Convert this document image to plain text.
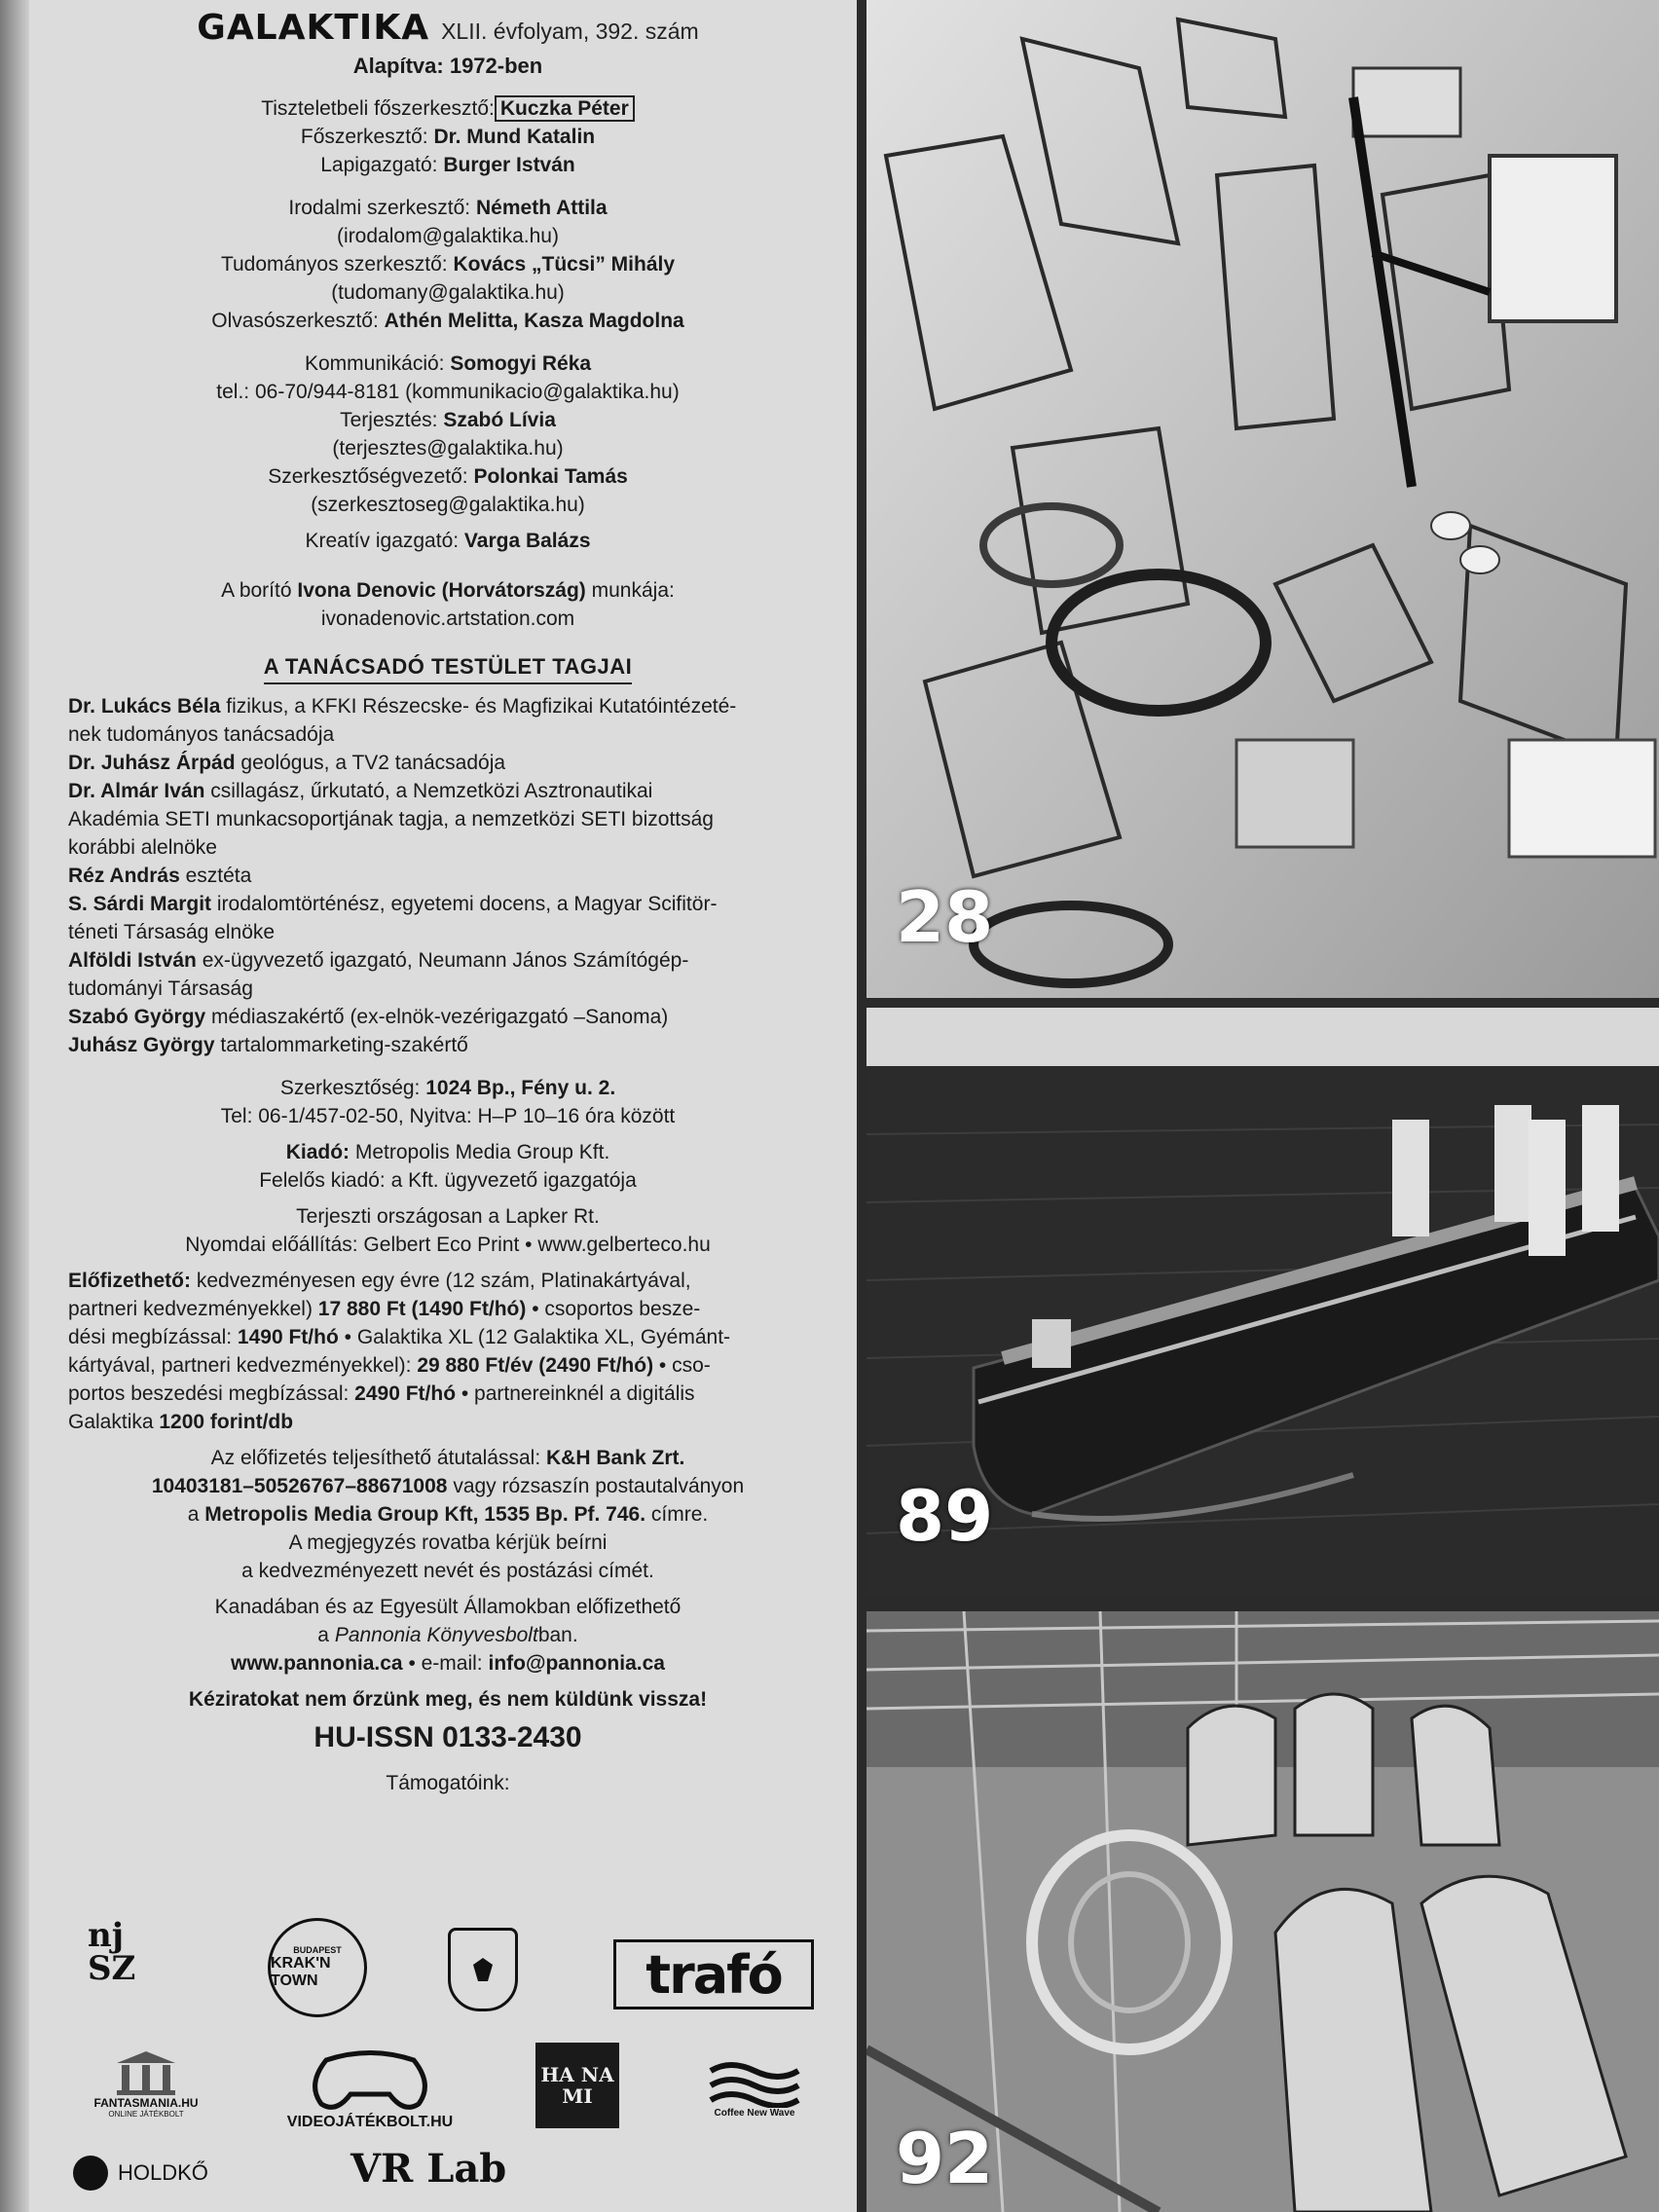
GALAKTIKA XLII. évfolyam, 392. szám
Alapítva: 1972-ben
Tiszteletbeli főszerkesztő: Kuczka Péter
Főszerkesztő: Dr. Mund Katalin
Lapigazgató: Burger István
Irodalmi szerkesztő: Németh Attila
(irodalom@galaktika.hu)
Tudományos szerkesztő: Kovács „Tücsi” Mihály
(tudomany@galaktika.hu)
Olvasószerkesztő: Athén Melitta, Kasza Magdolna
Kommunikáció: Somogyi Réka
tel.: 06-70/944-8181 (kommunikacio@galaktika.hu)
Terjesztés: Szabó Lívia
(terjesztes@galaktika.hu)
Szerkesztőségvezető: Polonkai Tamás
(szerkesztoseg@galaktika.hu)
Kreatív igazgató: Varga Balázs
A borító Ivona Denovic (Horvátország) munkája:
ivonadenovic.artstation.com
A TANÁCSADÓ TESTÜLET TAGJAI
Dr. Lukács Béla fizikus, a KFKI Részecske- és Magfizikai Kutatóintézeté-
nek tudományos tanácsadója
Dr. Juhász Árpád geológus, a TV2 tanácsadója
Dr. Almár Iván csillagász, űrkutató, a Nemzetközi Asztronautikai
Akadémia SETI munkacsoportjának tagja, a nemzetközi SETI bizottság
korábbi alelnöke
Réz András esztéta
S. Sárdi Margit irodalomtörténész, egyetemi docens, a Magyar Scifitör-
téneti Társaság elnöke
Alföldi István ex-ügyvezető igazgató, Neumann János Számítógép-
tudományi Társaság
Szabó György médiaszakértő (ex-elnök-vezérigazgató –Sanoma)
Juhász György tartalommarketing-szakértő
Szerkesztőség: 1024 Bp., Fény u. 2.
Tel: 06-1/457-02-50, Nyitva: H–P 10–16 óra között
Kiadó: Metropolis Media Group Kft.
Felelős kiadó: a Kft. ügyvezető igazgatója
Terjeszti országosan a Lapker Rt.
Nyomdai előállítás: Gelbert Eco Print • www.gelberteco.hu
Előfizethető: kedvezményesen egy évre (12 szám, Platinakártyával,
partneri kedvezményekkel) 17 880 Ft (1490 Ft/hó) • csoportos besze-
dési megbízással: 1490 Ft/hó • Galaktika XL (12 Galaktika XL, Gyémánt-
kártyával, partneri kedvezményekkel): 29 880 Ft/év (2490 Ft/hó) • cso-
portos beszedési megbízással: 2490 Ft/hó • partnereinknél a digitális
Galaktika 1200 forint/db
Az előfizetés teljesíthető átutalással: K&H Bank Zrt.
10403181–50526767–88671008 vagy rózsaszín postautalványon
a Metropolis Media Group Kft, 1535 Bp. Pf. 746. címre.
A megjegyzés rovatba kérjük beírni
a kedvezményezett nevét és postázási címét.
Kanadában és az Egyesült Államokban előfizethető
a Pannonia Könyvesboltban.
www.pannonia.ca • e-mail: info@pannonia.ca
Kéziratokat nem őrzünk meg, és nem küldünk vissza!
HU-ISSN 0133-2430
Támogatóink:
nj SZ	BUDAPEST
KRAK'N TOWN	trafó
FANTASMANIA.HU
ONLINE JÁTÉKBOLT	VIDEOJÁTÉKBOLT.HU
HA NA MI
Coffee New Wave
HOLDKŐ	VR Lab
28
89
92
